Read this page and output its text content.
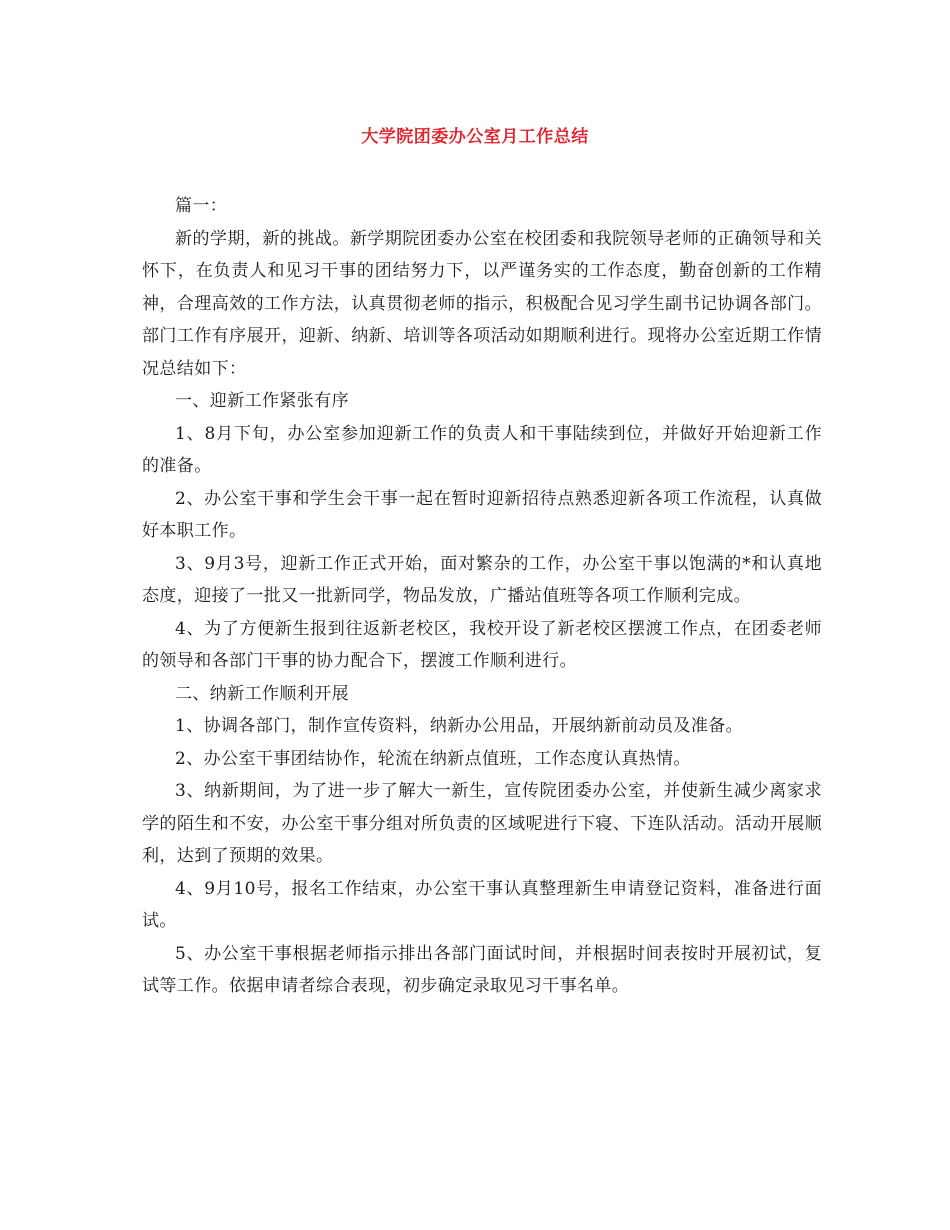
大学院团委办公室月工作总结

篇一：

新的学期，新的挑战。新学期院团委办公室在校团委和我院领导老师的正确领导和关怀下，在负责人和见习干事的团结努力下，以严谨务实的工作态度，勤奋创新的工作精神，合理高效的工作方法，认真贯彻老师的指示，积极配合见习学生副书记协调各部门。部门工作有序展开，迎新、纳新、培训等各项活动如期顺利进行。现将办公室近期工作情况总结如下：

一、迎新工作紧张有序

1、8月下旬，办公室参加迎新工作的负责人和干事陆续到位，并做好开始迎新工作的准备。

2、办公室干事和学生会干事一起在暂时迎新招待点熟悉迎新各项工作流程，认真做好本职工作。

3、9月3号，迎新工作正式开始，面对繁杂的工作，办公室干事以饱满的*和认真地态度，迎接了一批又一批新同学，物品发放，广播站值班等各项工作顺利完成。

4、为了方便新生报到往返新老校区，我校开设了新老校区摆渡工作点，在团委老师的领导和各部门干事的协力配合下，摆渡工作顺利进行。

二、纳新工作顺利开展

1、协调各部门，制作宣传资料，纳新办公用品，开展纳新前动员及准备。

2、办公室干事团结协作，轮流在纳新点值班，工作态度认真热情。

3、纳新期间，为了进一步了解大一新生，宣传院团委办公室，并使新生减少离家求学的陌生和不安，办公室干事分组对所负责的区域呢进行下寝、下连队活动。活动开展顺利，达到了预期的效果。

4、9月10号，报名工作结束，办公室干事认真整理新生申请登记资料，准备进行面试。

5、办公室干事根据老师指示排出各部门面试时间，并根据时间表按时开展初试，复试等工作。依据申请者综合表现，初步确定录取见习干事名单。
